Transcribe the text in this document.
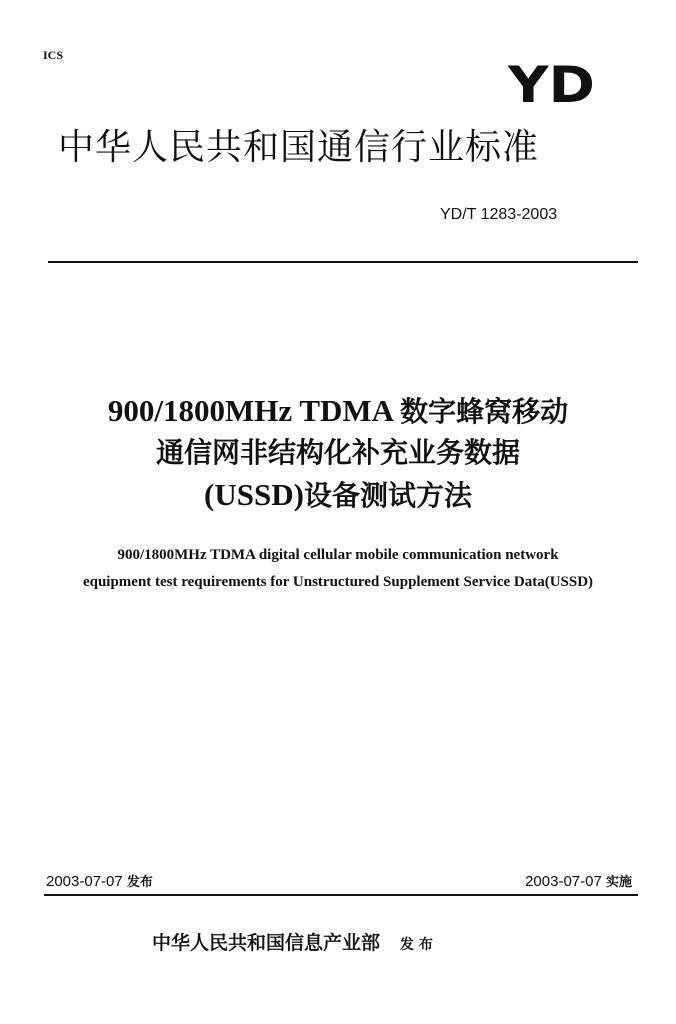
ICS
YD
中华人民共和国通信行业标准
YD/T 1283-2003
900/1800MHz TDMA 数字蜂窝移动
通信网非结构化补充业务数据
(USSD)设备测试方法
900/1800MHz TDMA digital cellular mobile communication network
equipment test requirements for Unstructured Supplement Service Data(USSD)
2003-07-07 发布	2003-07-07 实施
中华人民共和国信息产业部 发 布
